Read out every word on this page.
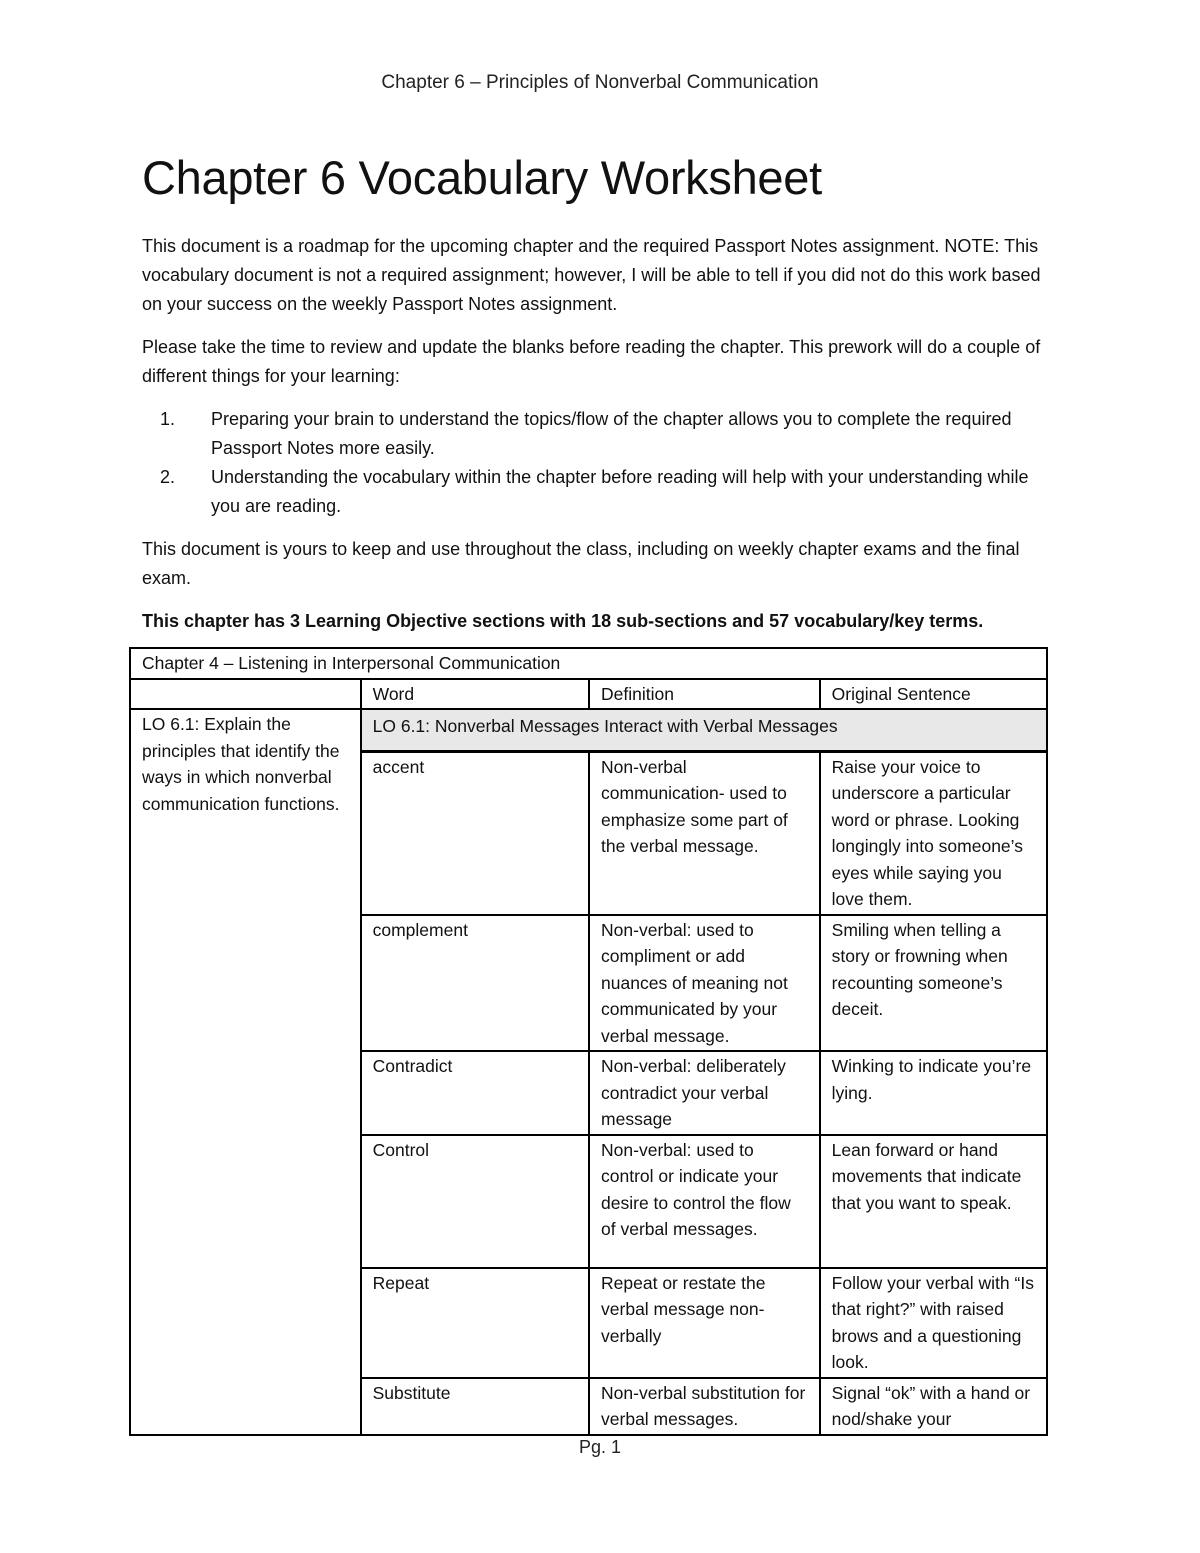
Chapter 6 – Principles of Nonverbal Communication
Chapter 6 Vocabulary Worksheet

This document is a roadmap for the upcoming chapter and the required Passport Notes assignment. NOTE: This vocabulary document is not a required assignment; however, I will be able to tell if you did not do this work based on your success on the weekly Passport Notes assignment.

Please take the time to review and update the blanks before reading the chapter. This prework will do a couple of different things for your learning:

1. Preparing your brain to understand the topics/flow of the chapter allows you to complete the required Passport Notes more easily.
2. Understanding the vocabulary within the chapter before reading will help with your understanding while you are reading.

This document is yours to keep and use throughout the class, including on weekly chapter exams and the final exam.

This chapter has 3 Learning Objective sections with 18 sub-sections and 57 vocabulary/key terms.

Chapter 4 – Listening in Interpersonal Communication			
	Word	Definition	Original Sentence
LO 6.1: Explain the principles that identify the ways in which nonverbal communication functions.	LO 6.1: Nonverbal Messages Interact with Verbal Messages		
	accent	Non-verbal communication- used to emphasize some part of the verbal message.	Raise your voice to underscore a particular word or phrase. Looking longingly into someone’s eyes while saying you love them.
	complement	Non-verbal: used to compliment or add nuances of meaning not communicated by your verbal message.	Smiling when telling a story or frowning when recounting someone’s deceit.
	Contradict	Non-verbal: deliberately contradict your verbal message	Winking to indicate you’re lying.
	Control	Non-verbal: used to control or indicate your desire to control the flow of verbal messages.	Lean forward or hand movements that indicate that you want to speak.
	Repeat	Repeat or restate the verbal message non-verbally	Follow your verbal with “Is that right?” with raised brows and a questioning look.
	Substitute	Non-verbal substitution for verbal messages.	Signal “ok” with a hand or nod/shake your
Pg. 1
